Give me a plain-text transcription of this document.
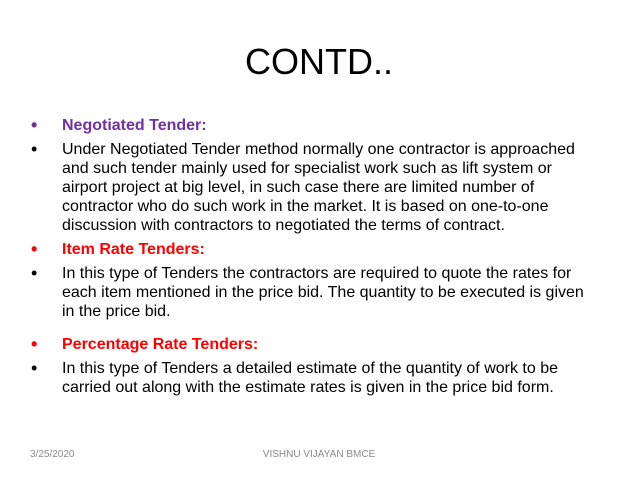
CONTD..
• Negotiated Tender:
• Under Negotiated Tender method normally one contractor is approached and such tender mainly used for specialist work such as lift system or airport project at big level, in such case there are limited number of contractor who do such work in the market. It is based on one-to-one discussion with contractors to negotiated the terms of contract.
• Item Rate Tenders:
• In this type of Tenders the contractors are required to quote the rates for each item mentioned in the price bid. The quantity to be executed is given in the price bid.
• Percentage Rate Tenders:
• In this type of Tenders a detailed estimate of the quantity of work to be carried out along with the estimate rates is given in the price bid form.
3/25/2020	VISHNU VIJAYAN BMCE
